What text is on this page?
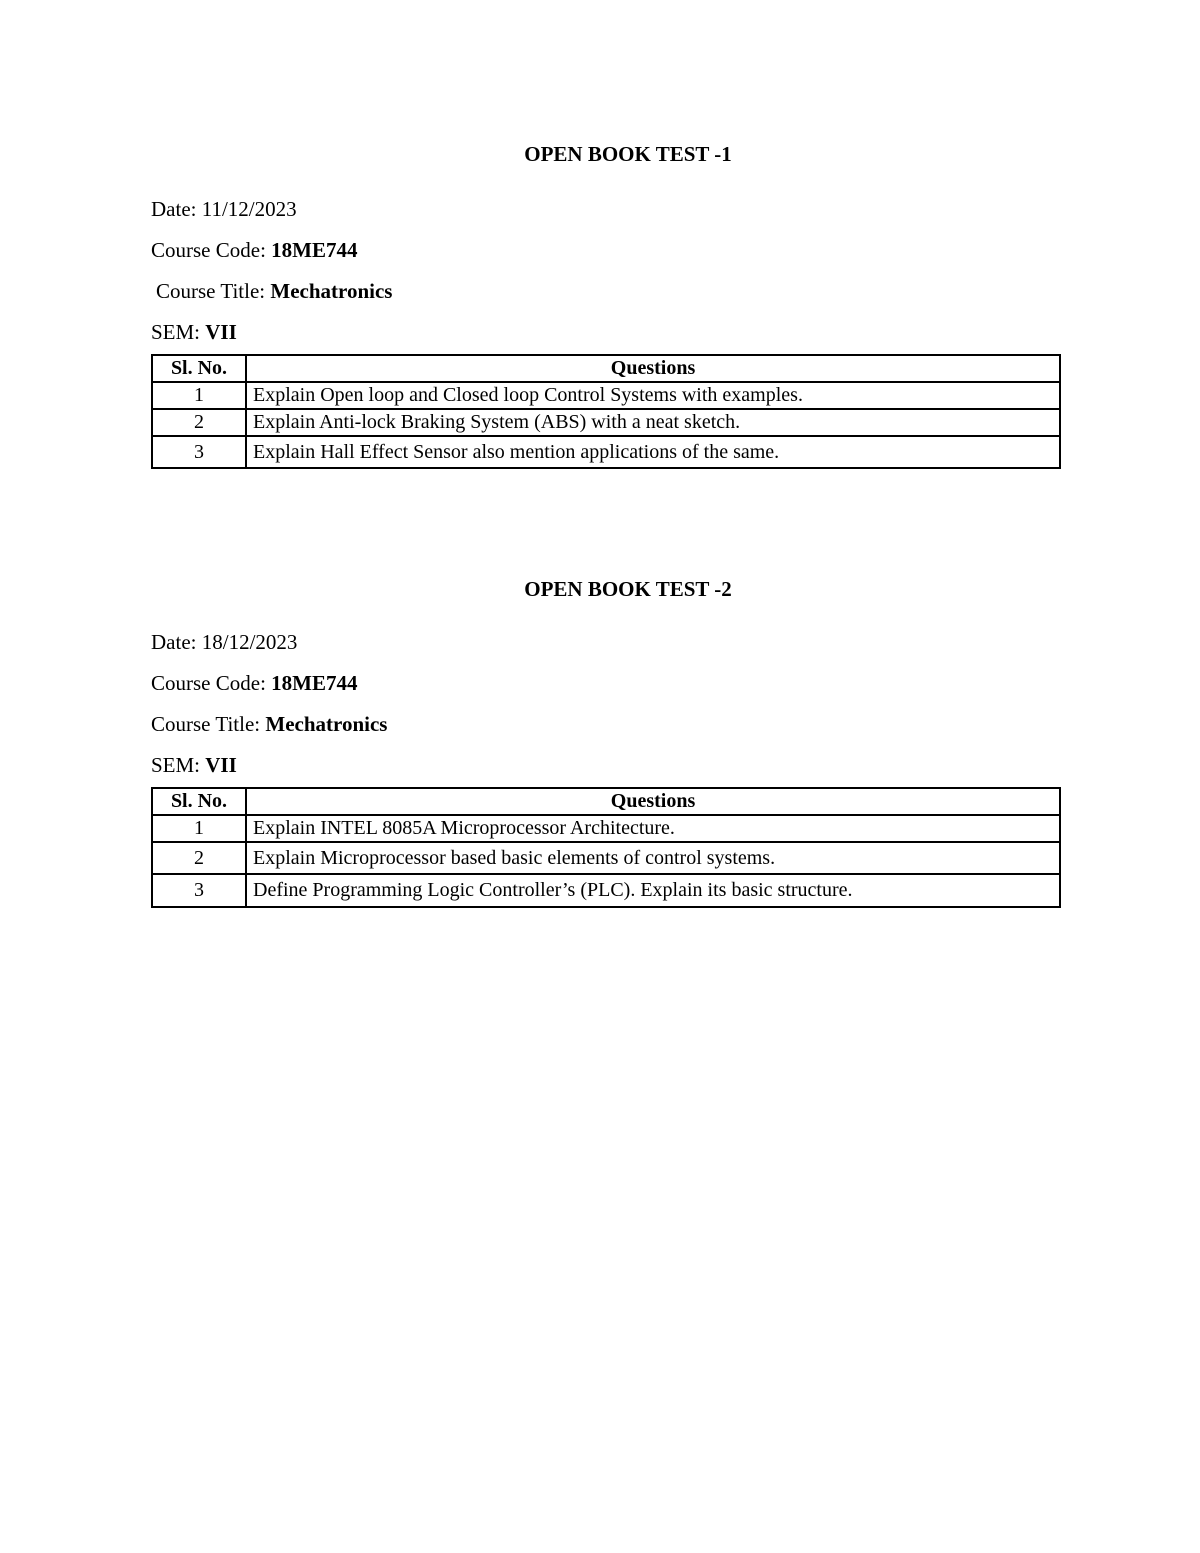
OPEN BOOK TEST -1

Date: 11/12/2023

Course Code: 18ME744

Course Title: Mechatronics

SEM: VII

Sl. No.	Questions
1	Explain Open loop and Closed loop Control Systems with examples.
2	Explain Anti-lock Braking System (ABS) with a neat sketch.
3	Explain Hall Effect Sensor also mention applications of the same.

OPEN BOOK TEST -2

Date: 18/12/2023

Course Code: 18ME744

Course Title: Mechatronics

SEM: VII

Sl. No.	Questions
1	Explain INTEL 8085A Microprocessor Architecture.
2	Explain Microprocessor based basic elements of control systems.
3	Define Programming Logic Controller’s (PLC). Explain its basic structure.
